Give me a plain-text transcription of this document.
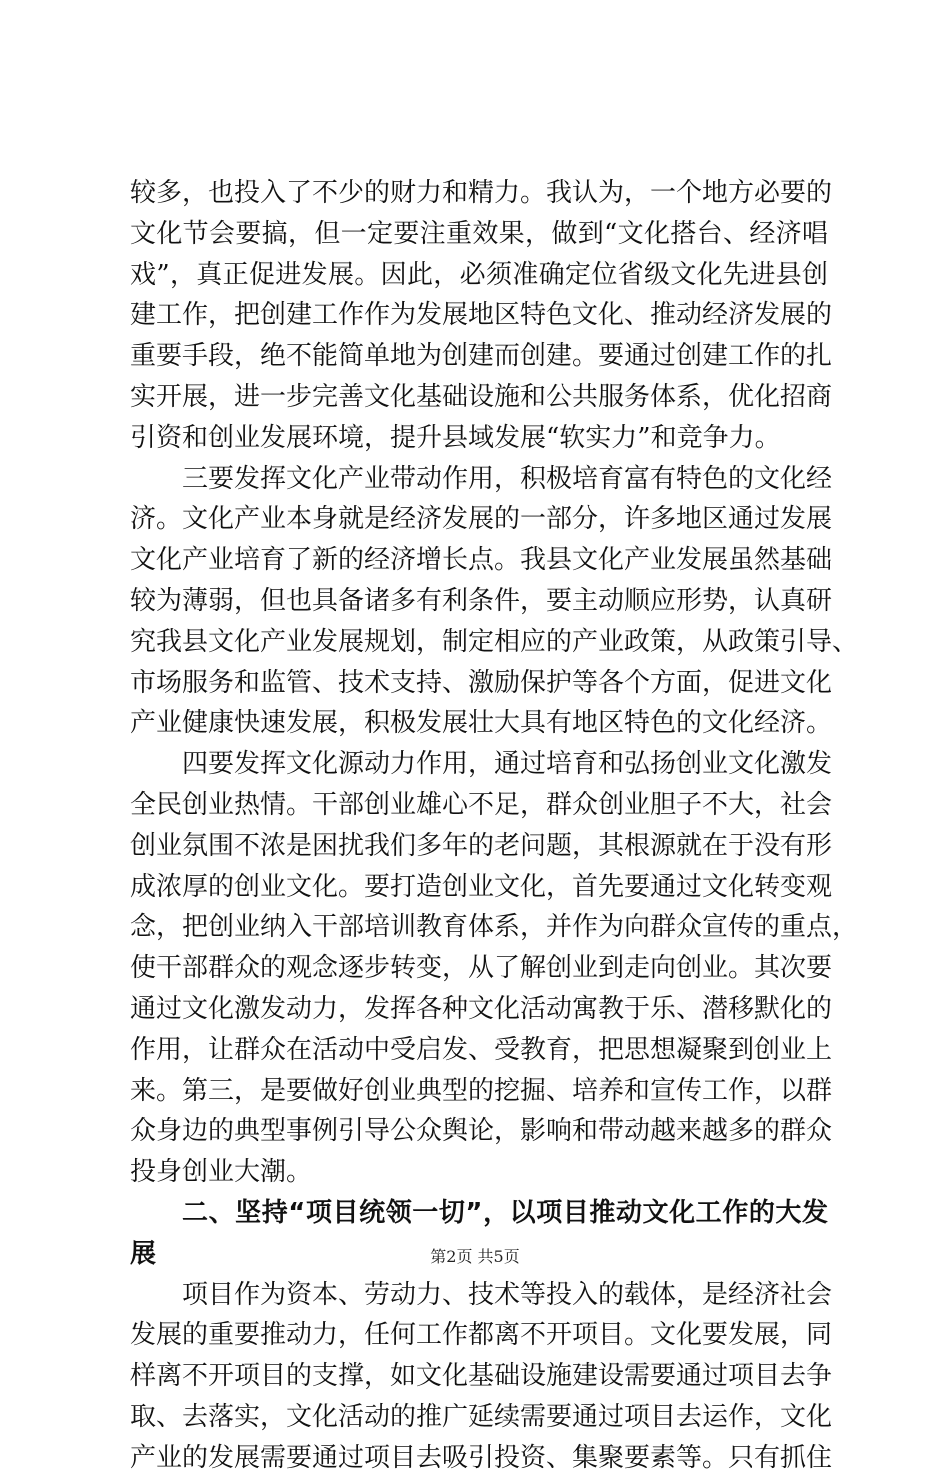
较多，也投入了不少的财力和精力。我认为，一个地方必要的
文化节会要搞，但一定要注重效果，做到“文化搭台、经济唱
戏”，真正促进发展。因此，必须准确定位省级文化先进县创
建工作，把创建工作作为发展地区特色文化、推动经济发展的
重要手段，绝不能简单地为创建而创建。要通过创建工作的扎
实开展，进一步完善文化基础设施和公共服务体系，优化招商
引资和创业发展环境，提升县域发展“软实力”和竞争力。
三要发挥文化产业带动作用，积极培育富有特色的文化经
济。文化产业本身就是经济发展的一部分，许多地区通过发展
文化产业培育了新的经济增长点。我县文化产业发展虽然基础
较为薄弱，但也具备诸多有利条件，要主动顺应形势，认真研
究我县文化产业发展规划，制定相应的产业政策，从政策引导、
市场服务和监管、技术支持、激励保护等各个方面，促进文化
产业健康快速发展，积极发展壮大具有地区特色的文化经济。
四要发挥文化源动力作用，通过培育和弘扬创业文化激发
全民创业热情。干部创业雄心不足，群众创业胆子不大，社会
创业氛围不浓是困扰我们多年的老问题，其根源就在于没有形
成浓厚的创业文化。要打造创业文化，首先要通过文化转变观
念，把创业纳入干部培训教育体系，并作为向群众宣传的重点，
使干部群众的观念逐步转变，从了解创业到走向创业。其次要
通过文化激发动力，发挥各种文化活动寓教于乐、潜移默化的
作用，让群众在活动中受启发、受教育，把思想凝聚到创业上
来。第三，是要做好创业典型的挖掘、培养和宣传工作，以群
众身边的典型事例引导公众舆论，影响和带动越来越多的群众
投身创业大潮。
二、坚持“项目统领一切”，以项目推动文化工作的大发
展
项目作为资本、劳动力、技术等投入的载体，是经济社会
发展的重要推动力，任何工作都离不开项目。文化要发展，同
样离不开项目的支撑，如文化基础设施建设需要通过项目去争
取、去落实，文化活动的推广延续需要通过项目去运作，文化
产业的发展需要通过项目去吸引投资、集聚要素等。只有抓住
第2页 共5页
